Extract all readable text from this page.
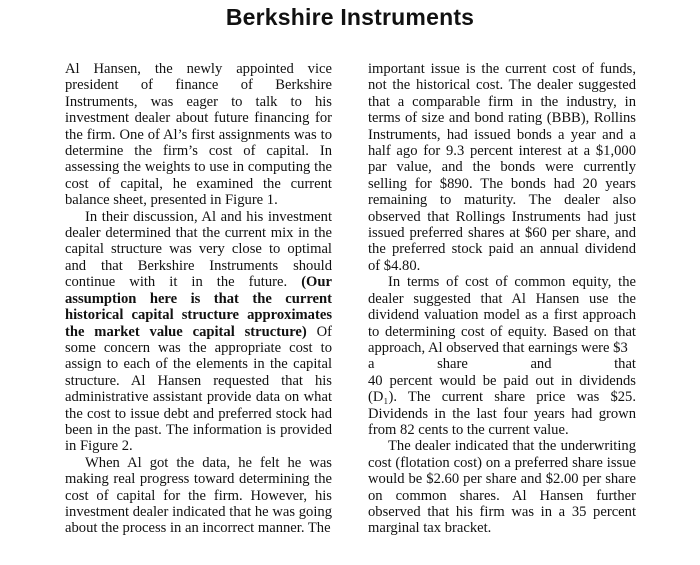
Berkshire Instruments

Al Hansen, the newly appointed vice president of finance of Berkshire Instruments, was eager to talk to his investment dealer about future financing for the firm. One of Al’s first assignments was to determine the firm’s cost of capital. In assessing the weights to use in computing the cost of capital, he examined the current balance sheet, presented in Figure 1.

In their discussion, Al and his investment dealer determined that the current mix in the capital structure was very close to optimal and that Berkshire Instruments should continue with it in the future. (Our assumption here is that the current historical capital structure approximates the market value capital structure) Of some concern was the appropriate cost to assign to each of the elements in the capital structure. Al Hansen requested that his administrative assistant provide data on what the cost to issue debt and preferred stock had been in the past. The information is provided in Figure 2.

When Al got the data, he felt he was making real progress toward determining the cost of capital for the firm. However, his investment dealer indicated that he was going about the process in an incorrect manner. The

important issue is the current cost of funds, not the historical cost. The dealer suggested that a comparable firm in the industry, in terms of size and bond rating (BBB), Rollins Instruments, had issued bonds a year and a half ago for 9.3 percent interest at a $1,000 par value, and the bonds were currently selling for $890. The bonds had 20 years remaining to maturity. The dealer also observed that Rollings Instruments had just issued preferred shares at $60 per share, and the preferred stock paid an annual dividend of $4.80.

In terms of cost of common equity, the dealer suggested that Al Hansen use the dividend valuation model as a first approach to determining cost of equity. Based on that approach, Al observed that earnings were $3

a	share	and	that

40 percent would be paid out in dividends (D₁). The current share price was $25. Dividends in the last four years had grown from 82 cents to the current value.

The dealer indicated that the underwriting cost (flotation cost) on a preferred share issue would be $2.60 per share and $2.00 per share on common shares. Al Hansen further observed that his firm was in a 35 percent marginal tax bracket.
